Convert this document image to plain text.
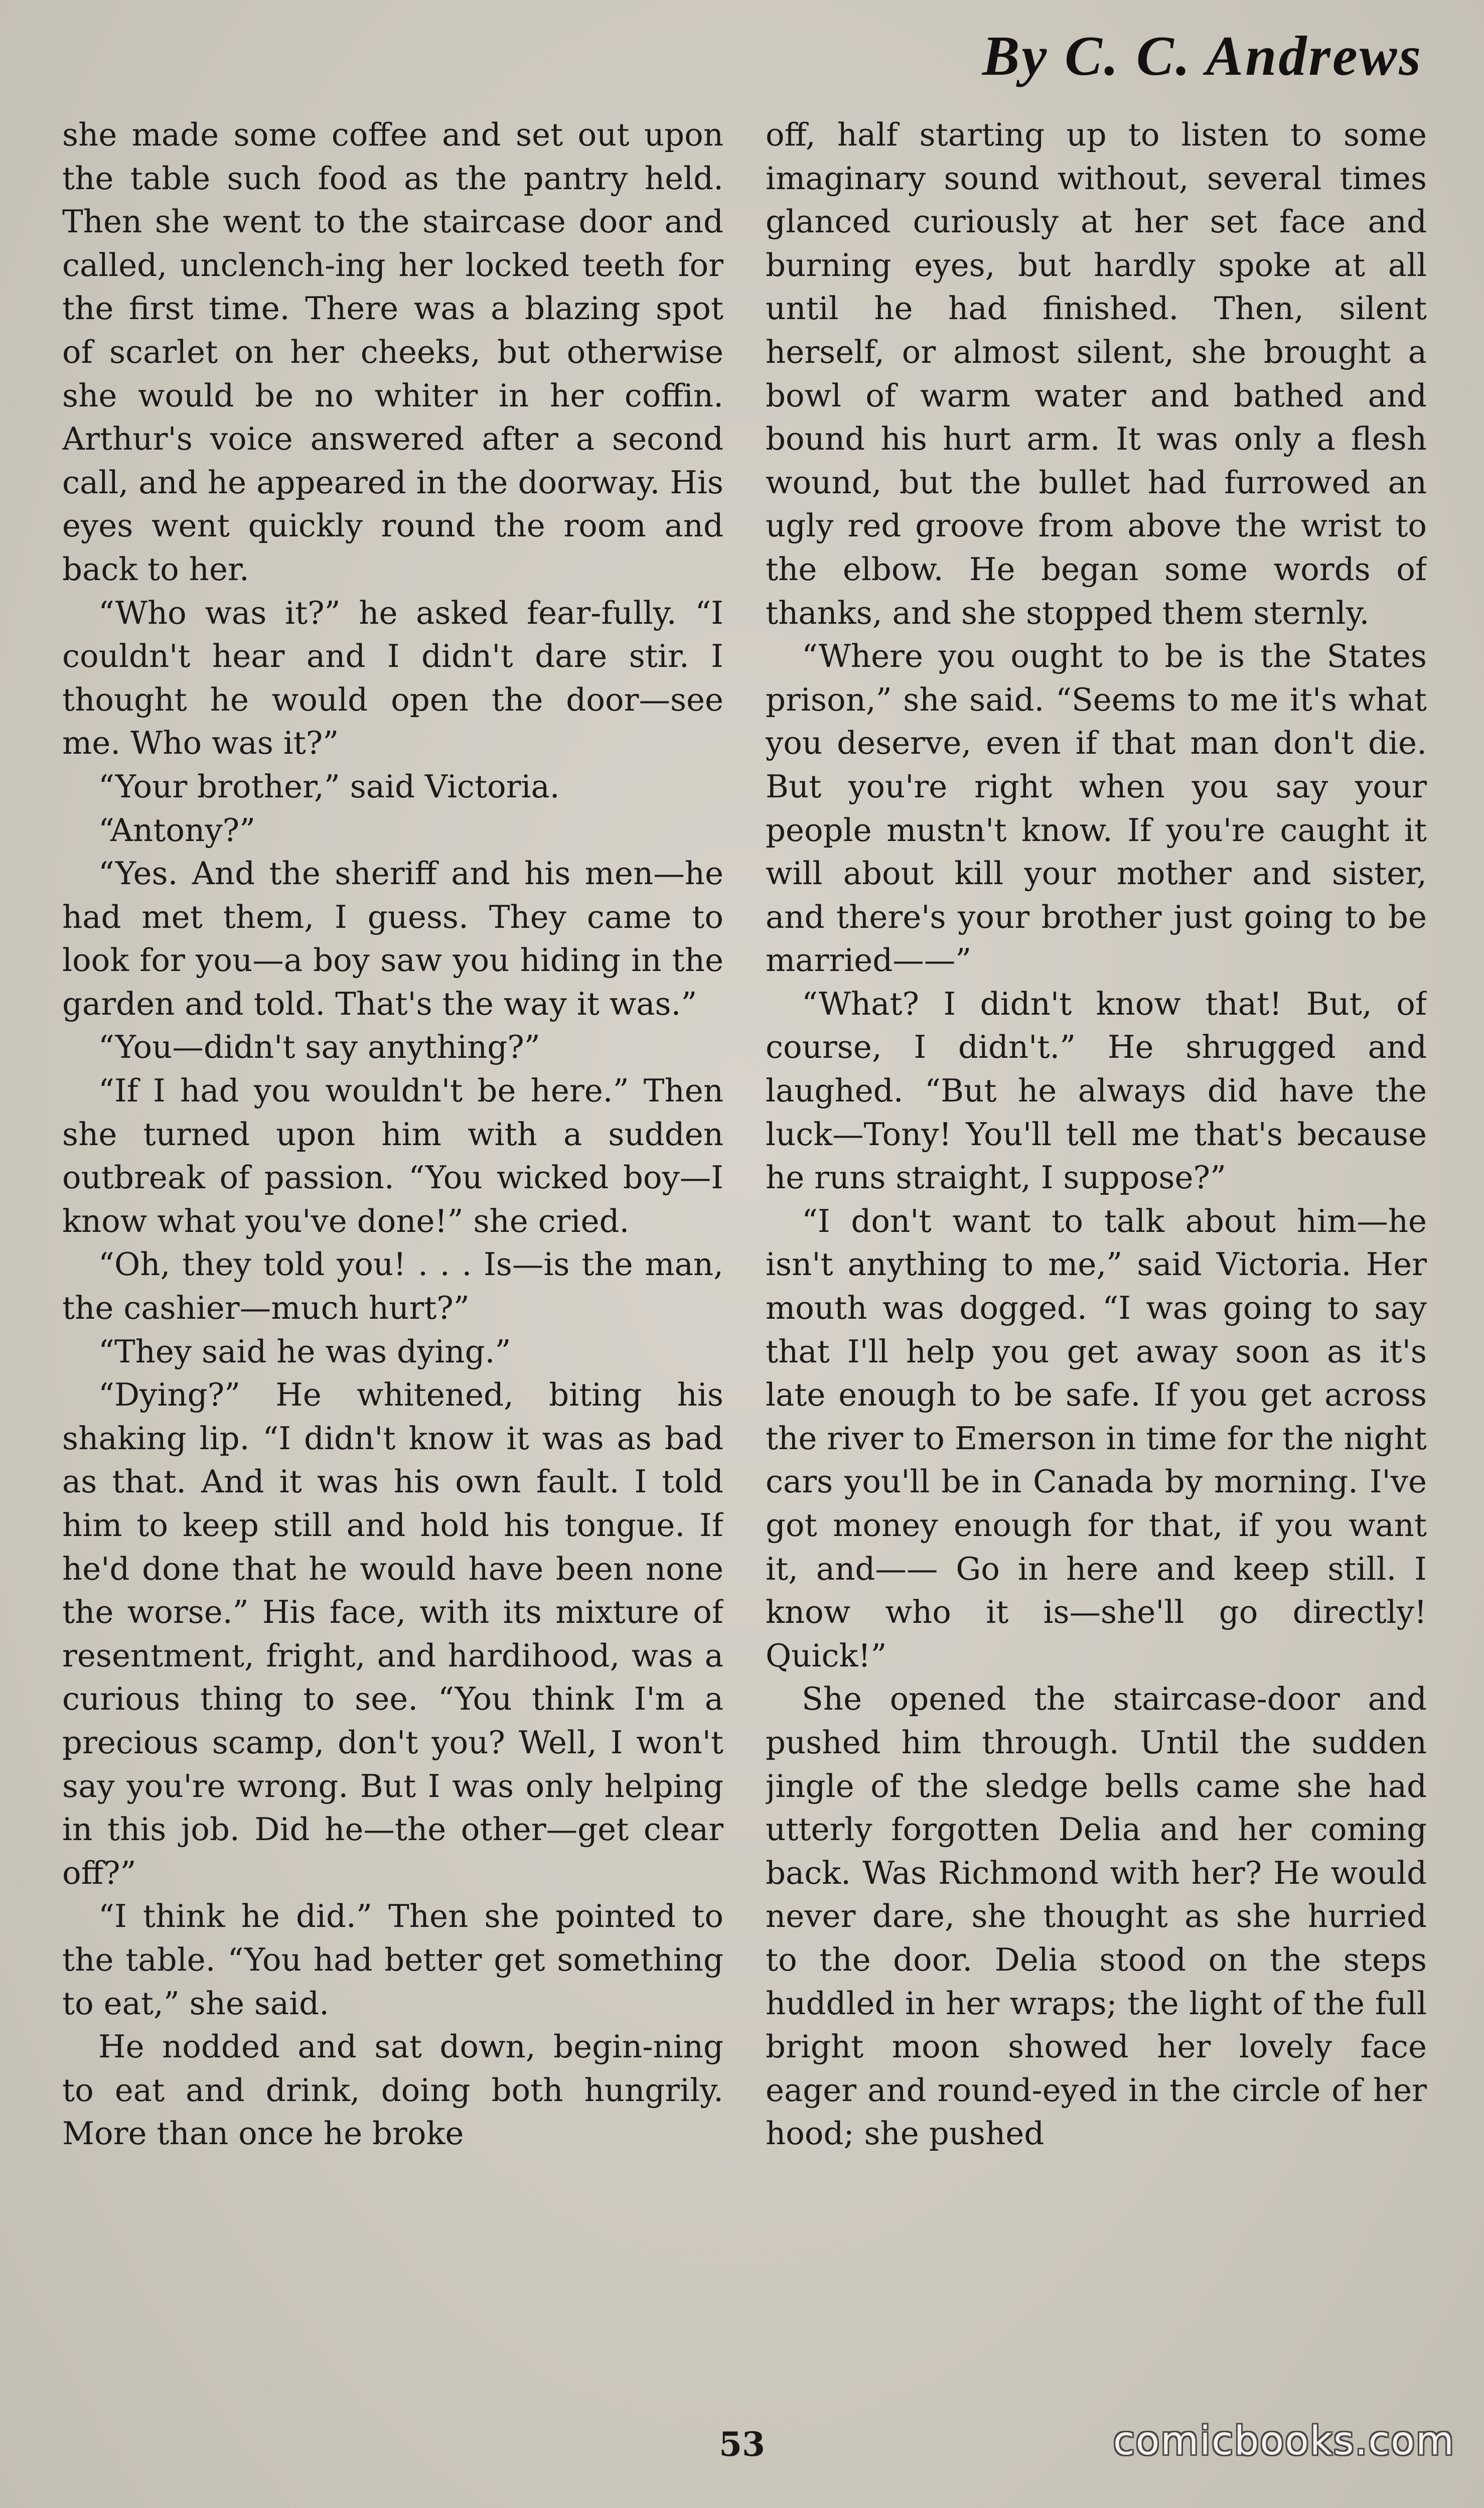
By C. C. Andrews

she made some coffee and set out upon the table such food as the pantry held. Then she went to the staircase door and called, unclench-ing her locked teeth for the first time. There was a blazing spot of scarlet on her cheeks, but otherwise she would be no whiter in her coffin. Arthur's voice answered after a second call, and he appeared in the doorway. His eyes went quickly round the room and back to her.

“Who was it?” he asked fear-fully. “I couldn't hear and I didn't dare stir. I thought he would open the door—see me. Who was it?”

“Your brother,” said Victoria.

“Antony?”

“Yes. And the sheriff and his men—he had met them, I guess. They came to look for you—a boy saw you hiding in the garden and told. That's the way it was.”

“You—didn't say anything?”

“If I had you wouldn't be here.” Then she turned upon him with a sudden outbreak of passion. “You wicked boy—I know what you've done!” she cried.

“Oh, they told you! . . . Is—is the man, the cashier—much hurt?”

“They said he was dying.”

“Dying?” He whitened, biting his shaking lip. “I didn't know it was as bad as that. And it was his own fault. I told him to keep still and hold his tongue. If he'd done that he would have been none the worse.” His face, with its mixture of resentment, fright, and hardihood, was a curious thing to see. “You think I'm a precious scamp, don't you? Well, I won't say you're wrong. But I was only helping in this job. Did he—the other—get clear off?”

“I think he did.” Then she pointed to the table. “You had better get something to eat,” she said.

He nodded and sat down, begin-ning to eat and drink, doing both hungrily. More than once he broke

off, half starting up to listen to some imaginary sound without, several times glanced curiously at her set face and burning eyes, but hardly spoke at all until he had finished. Then, silent herself, or almost silent, she brought a bowl of warm water and bathed and bound his hurt arm. It was only a flesh wound, but the bullet had furrowed an ugly red groove from above the wrist to the elbow. He began some words of thanks, and she stopped them sternly.

“Where you ought to be is the States prison,” she said. “Seems to me it's what you deserve, even if that man don't die. But you're right when you say your people mustn't know. If you're caught it will about kill your mother and sister, and there's your brother just going to be married——”

“What? I didn't know that! But, of course, I didn't.” He shrugged and laughed. “But he always did have the luck—Tony! You'll tell me that's because he runs straight, I suppose?”

“I don't want to talk about him—he isn't anything to me,” said Victoria. Her mouth was dogged. “I was going to say that I'll help you get away soon as it's late enough to be safe. If you get across the river to Emerson in time for the night cars you'll be in Canada by morning. I've got money enough for that, if you want it, and—— Go in here and keep still. I know who it is—she'll go directly! Quick!”

She opened the staircase-door and pushed him through. Until the sudden jingle of the sledge bells came she had utterly forgotten Delia and her coming back. Was Richmond with her? He would never dare, she thought as she hurried to the door. Delia stood on the steps huddled in her wraps; the light of the full bright moon showed her lovely face eager and round-eyed in the circle of her hood; she pushed

53	comicbooks.com
